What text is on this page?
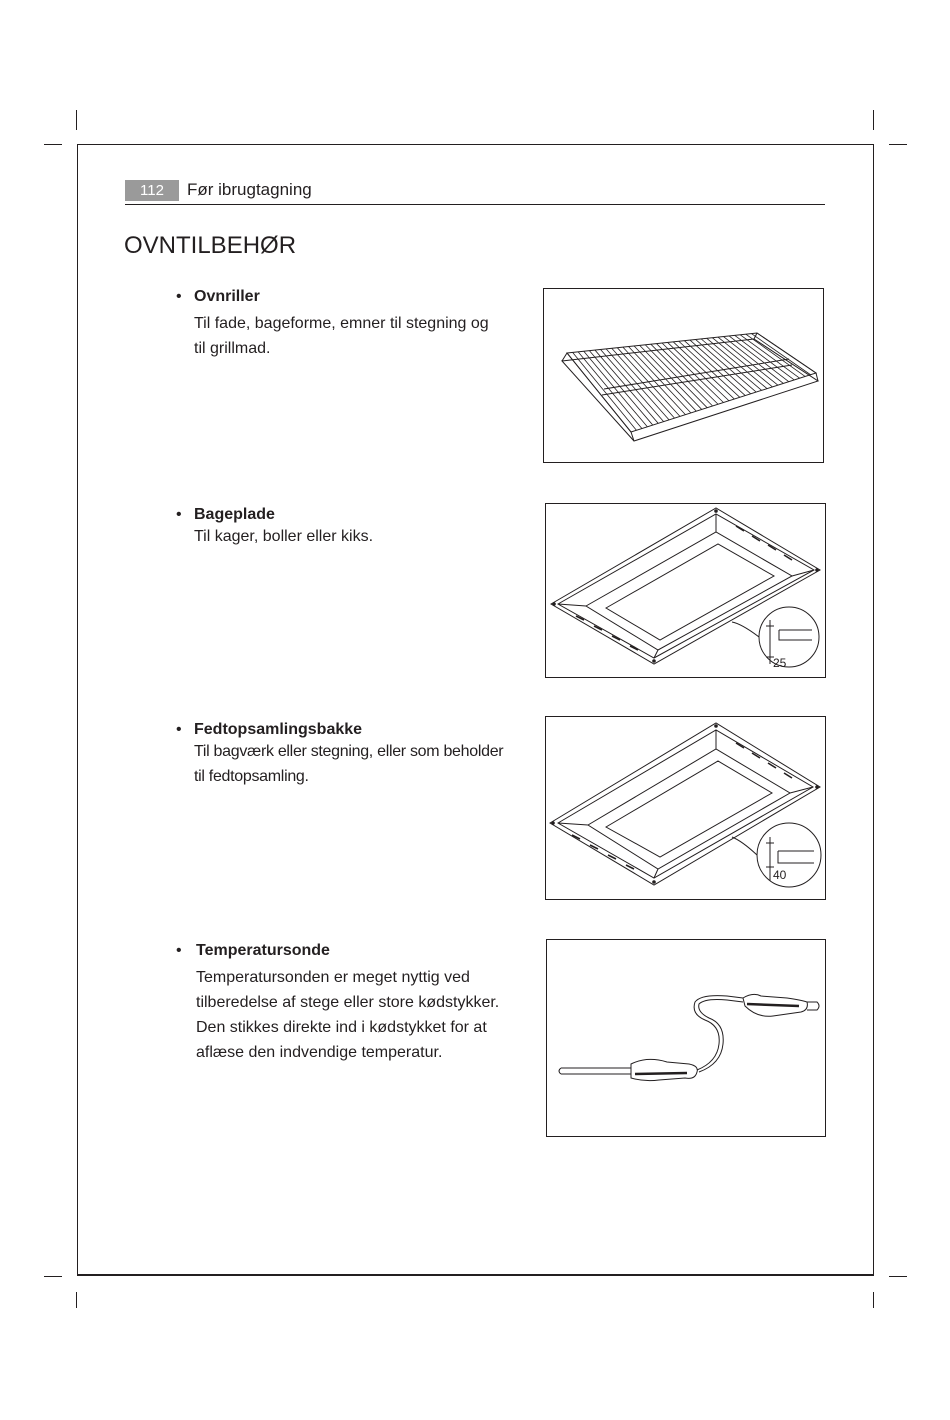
112	Før ibrugtagning
OVNTILBEHØR
• Ovnriller
Til fade, bageforme, emner til stegning og
til grillmad.
• Bageplade
Til kager, boller eller kiks.
25
• Fedtopsamlingsbakke
Til bagværk eller stegning, eller som beholder
til fedtopsamling.
40
• Temperatursonde
Temperatursonden er meget nyttig ved
tilberedelse af stege eller store kødstykker.
Den stikkes direkte ind i kødstykket for at
aflæse den indvendige temperatur.
